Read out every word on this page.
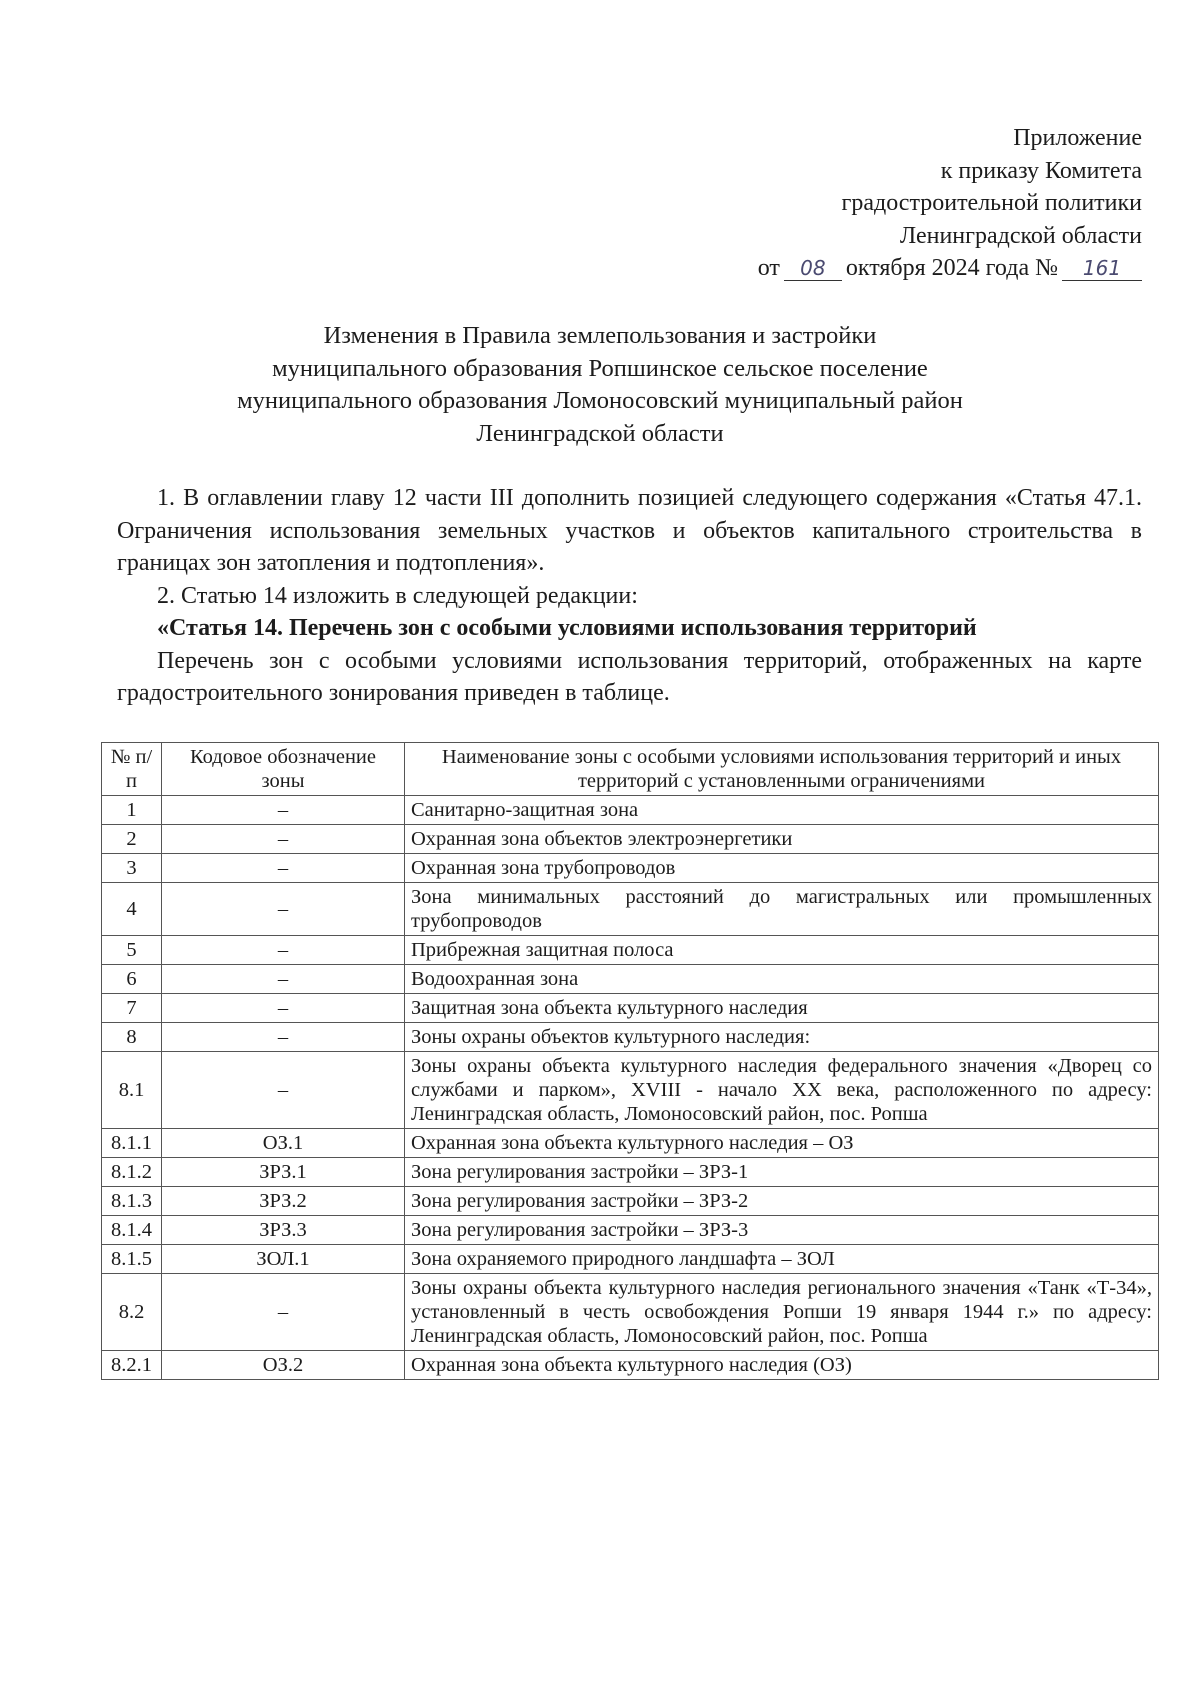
Приложение
к приказу Комитета
градостроительной политики
Ленинградской области
от 08 октября 2024 года № 161
Изменения в Правила землепользования и застройки
муниципального образования Ропшинское сельское поселение
муниципального образования Ломоносовский муниципальный район
Ленинградской области

1. В оглавлении главу 12 части III дополнить позицией следующего содержания «Статья 47.1. Ограничения использования земельных участков и объектов капитального строительства в границах зон затопления и подтопления».

2. Статью 14 изложить в следующей редакции:

«Статья 14. Перечень зон с особыми условиями использования территорий

Перечень зон с особыми условиями использования территорий, отображенных на карте градостроительного зонирования приведен в таблице.

№ п/п	Кодовое обозначение зоны	Наименование зоны с особыми условиями использования территорий и иных территорий с установленными ограничениями
1	–	Санитарно-защитная зона
2	–	Охранная зона объектов электроэнергетики
3	–	Охранная зона трубопроводов
4	–	Зона минимальных расстояний до магистральных или промышленных трубопроводов
5	–	Прибрежная защитная полоса
6	–	Водоохранная зона
7	–	Защитная зона объекта культурного наследия
8	–	Зоны охраны объектов культурного наследия:
8.1	–	Зоны охраны объекта культурного наследия федерального значения «Дворец со службами и парком», XVIII - начало XX века, расположенного по адресу: Ленинградская область, Ломоносовский район, пос. Ропша
8.1.1	ОЗ.1	Охранная зона объекта культурного наследия – ОЗ
8.1.2	ЗРЗ.1	Зона регулирования застройки – ЗРЗ-1
8.1.3	ЗРЗ.2	Зона регулирования застройки – ЗРЗ-2
8.1.4	ЗРЗ.3	Зона регулирования застройки – ЗРЗ-3
8.1.5	ЗОЛ.1	Зона охраняемого природного ландшафта – ЗОЛ
8.2	–	Зоны охраны объекта культурного наследия регионального значения «Танк «Т-34», установленный в честь освобождения Ропши 19 января 1944 г.» по адресу: Ленинградская область, Ломоносовский район, пос. Ропша
8.2.1	ОЗ.2	Охранная зона объекта культурного наследия (ОЗ)
